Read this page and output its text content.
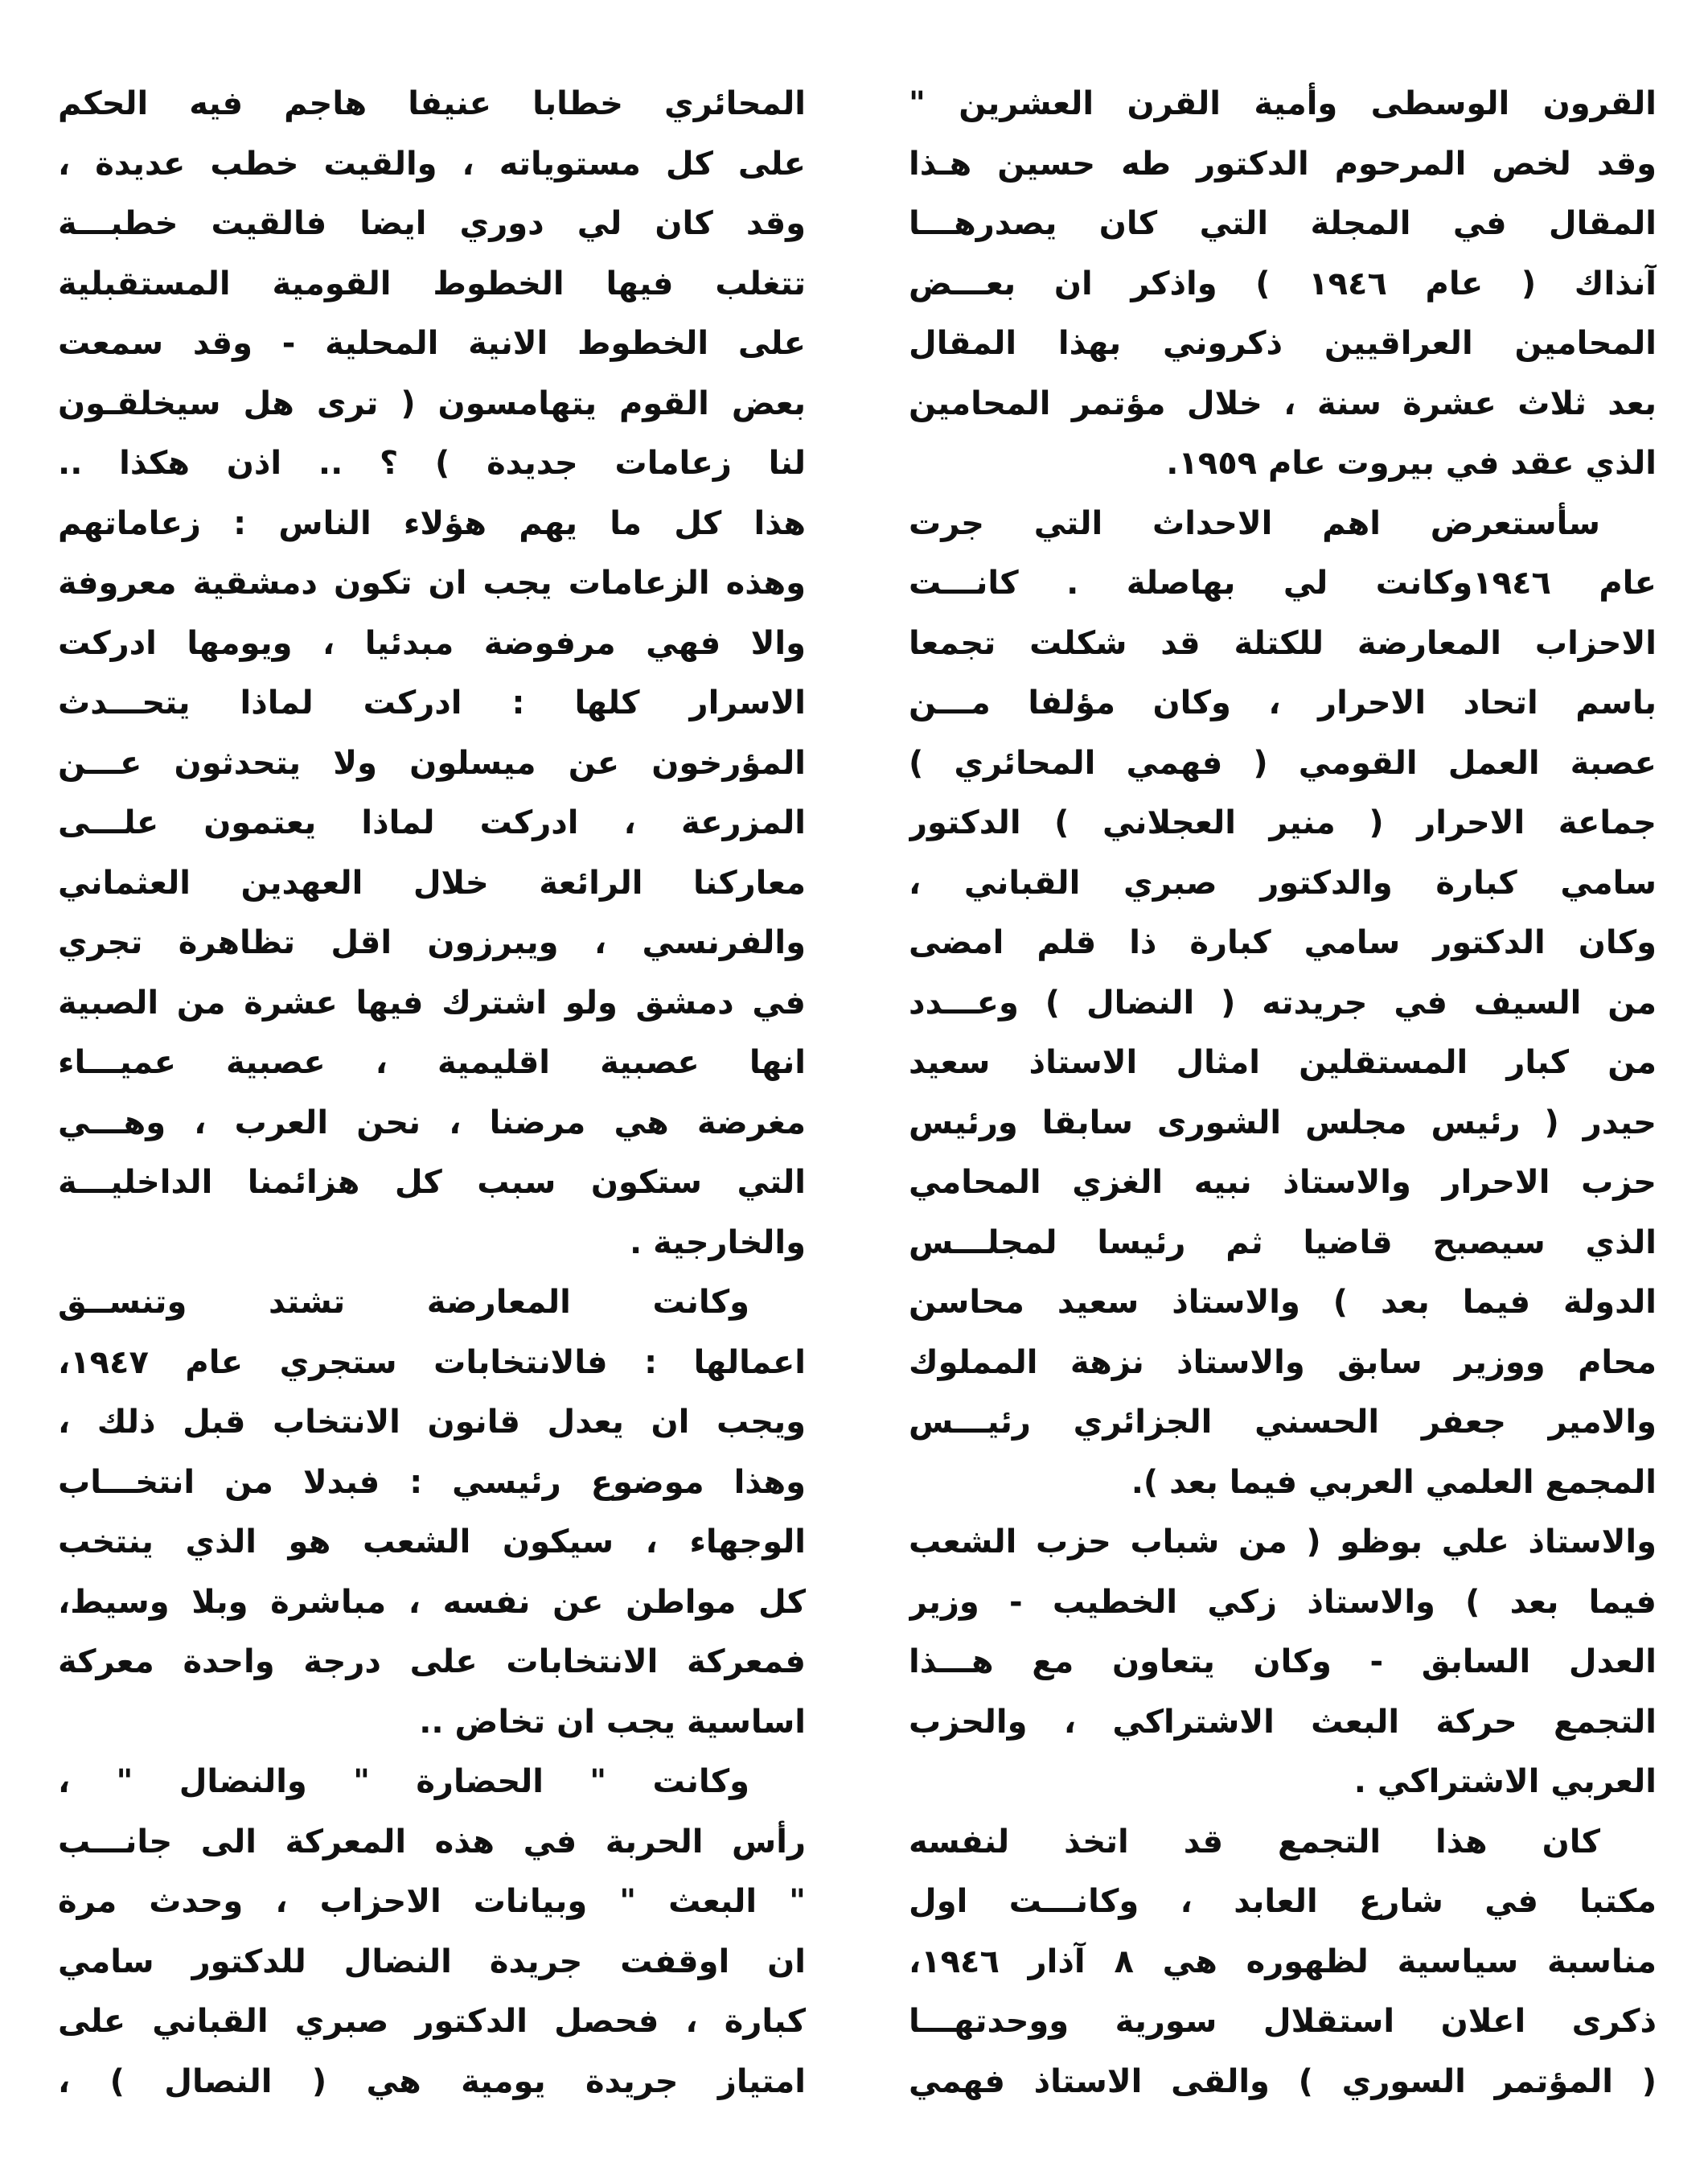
القرون الوسطى وأمية القرن العشرين "
وقد لخص المرحوم الدكتور طه حسين هـذا
المقال في المجلة التي كان يصدرهـــا
آنذاك ( عام ١٩٤٦ ) واذكر ان بعـــض
المحامين العراقيين ذكروني بهذا المقال
بعد ثلاث عشرة سنة ، خلال مؤتمر المحامين
الذي عقد في بيروت عام ١٩٥٩.
سأستعرض اهم الاحداث التي جرت
عام ١٩٤٦وكانت لي بهاصلة . كانـــت
الاحزاب المعارضة للكتلة قد شكلت تجمعا
باسم اتحاد الاحرار ، وكان مؤلفا مـــن
عصبة العمل القومي ( فهمي المحائري )
جماعة الاحرار ( منير العجلاني ) الدكتور
سامي كبارة والدكتور صبري القباني ،
وكان الدكتور سامي كبارة ذا قلم امضى
من السيف في جريدته ( النضال ) وعـــدد
من كبار المستقلين امثال الاستاذ سعيد
حيدر ( رئيس مجلس الشورى سابقا ورئيس
حزب الاحرار والاستاذ نبيه الغزي المحامي
الذي سيصبح قاضيا ثم رئيسا لمجلـــس
الدولة فيما بعد ) والاستاذ سعيد محاسن
محام ووزير سابق والاستاذ نزهة المملوك
والامير جعفر الحسني الجزائري رئيـــس
المجمع العلمي العربي فيما بعد ).
والاستاذ علي بوظو ( من شباب حزب الشعب
فيما بعد ) والاستاذ زكي الخطيب - وزير
العدل السابق - وكان يتعاون مع هـــذا
التجمع حركة البعث الاشتراكي ، والحزب
العربي الاشتراكي .
كان هذا التجمع قد اتخذ لنفسه
مكتبا في شارع العابد ، وكانـــت اول
مناسبة سياسية لظهوره هي ٨ آذار ١٩٤٦،
ذكرى اعلان استقلال سورية ووحدتهـــا
( المؤتمر السوري ) والقى الاستاذ فهمي
المحائري خطابا عنيفا هاجم فيه الحكم
على كل مستوياته ، والقيت خطب عديدة ،
وقد كان لي دوري ايضا فالقيت خطبـــة
تتغلب فيها الخطوط القومية المستقبلية
على الخطوط الانية المحلية - وقد سمعت
بعض القوم يتهامسون ( ترى هل سيخلقـون
لنا زعامات جديدة ) ؟ .. اذن هكذا ..
هذا كل ما يهم هؤلاء الناس : زعاماتهم
وهذه الزعامات يجب ان تكون دمشقية معروفة
والا فهي مرفوضة مبدئيا ، ويومها ادركت
الاسرار كلها : ادركت لماذا يتحـــدث
المؤرخون عن ميسلون ولا يتحدثون عـــن
المزرعة ، ادركت لماذا يعتمون علـــى
معاركنا الرائعة خلال العهدين العثماني
والفرنسي ، ويبرزون اقل تظاهرة تجري
في دمشق ولو اشترك فيها عشرة من الصبية
انها عصبية اقليمية ، عصبية عميـــاء
مغرضة هي مرضنا ، نحن العرب ، وهـــي
التي ستكون سبب كل هزائمنا الداخليـــة
والخارجية .
وكانت المعارضة تشتد وتنســق
اعمالها : فالانتخابات ستجري عام ١٩٤٧،
ويجب ان يعدل قانون الانتخاب قبل ذلك ،
وهذا موضوع رئيسي : فبدلا من انتخـــاب
الوجهاء ، سيكون الشعب هو الذي ينتخب
كل مواطن عن نفسه ، مباشرة وبلا وسيط،
فمعركة الانتخابات على درجة واحدة معركة
اساسية يجب ان تخاض ..
وكانت " الحضارة " والنضال " ،
رأس الحربة في هذه المعركة الى جانـــب
" البعث " وبيانات الاحزاب ، وحدث مرة
ان اوقفت جريدة النضال للدكتور سامي
كبارة ، فحصل الدكتور صبري القباني على
امتياز جريدة يومية هي ( النصال ) ،
